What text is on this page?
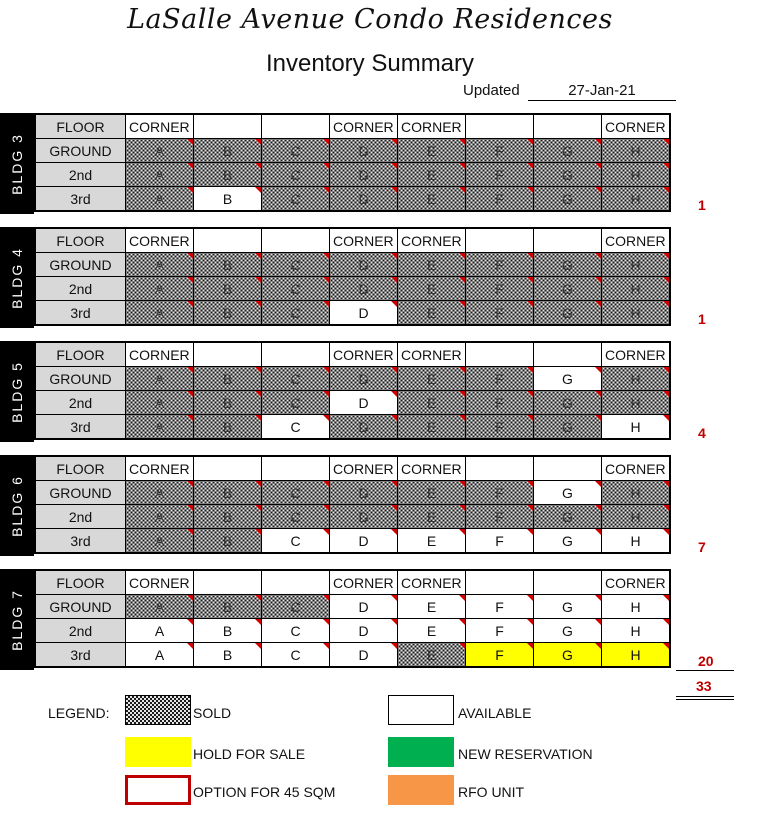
LaSalle Avenue Condo Residences
Inventory Summary
Updated	27-Jan-21
BLDG 3
FLOOR	CORNER			CORNER	CORNER			CORNER
GROUND	A	B	C	D	E	F	G	H
2nd	A	B	C	D	E	F	G	H
3rd	A	B	C	D	E	F	G	H	1
BLDG 4
FLOOR	CORNER			CORNER	CORNER			CORNER
GROUND	A	B	C	D	E	F	G	H
2nd	A	B	C	D	E	F	G	H
3rd	A	B	C	D	E	F	G	H	1
BLDG 5
FLOOR	CORNER			CORNER	CORNER			CORNER
GROUND	A	B	C	D	E	F	G	H
2nd	A	B	C	D	E	F	G	H
3rd	A	B	C	D	E	F	G	H	4
BLDG 6
FLOOR	CORNER			CORNER	CORNER			CORNER
GROUND	A	B	C	D	E	F	G	H
2nd	A	B	C	D	E	F	G	H
3rd	A	B	C	D	E	F	G	H	7
BLDG 7
FLOOR	CORNER			CORNER	CORNER			CORNER
GROUND	A	B	C	D	E	F	G	H
2nd	A	B	C	D	E	F	G	H
3rd	A	B	C	D	E	F	G	H	20
33
LEGEND:	SOLD	AVAILABLE
HOLD FOR SALE	NEW RESERVATION
OPTION FOR 45 SQM	RFO UNIT
